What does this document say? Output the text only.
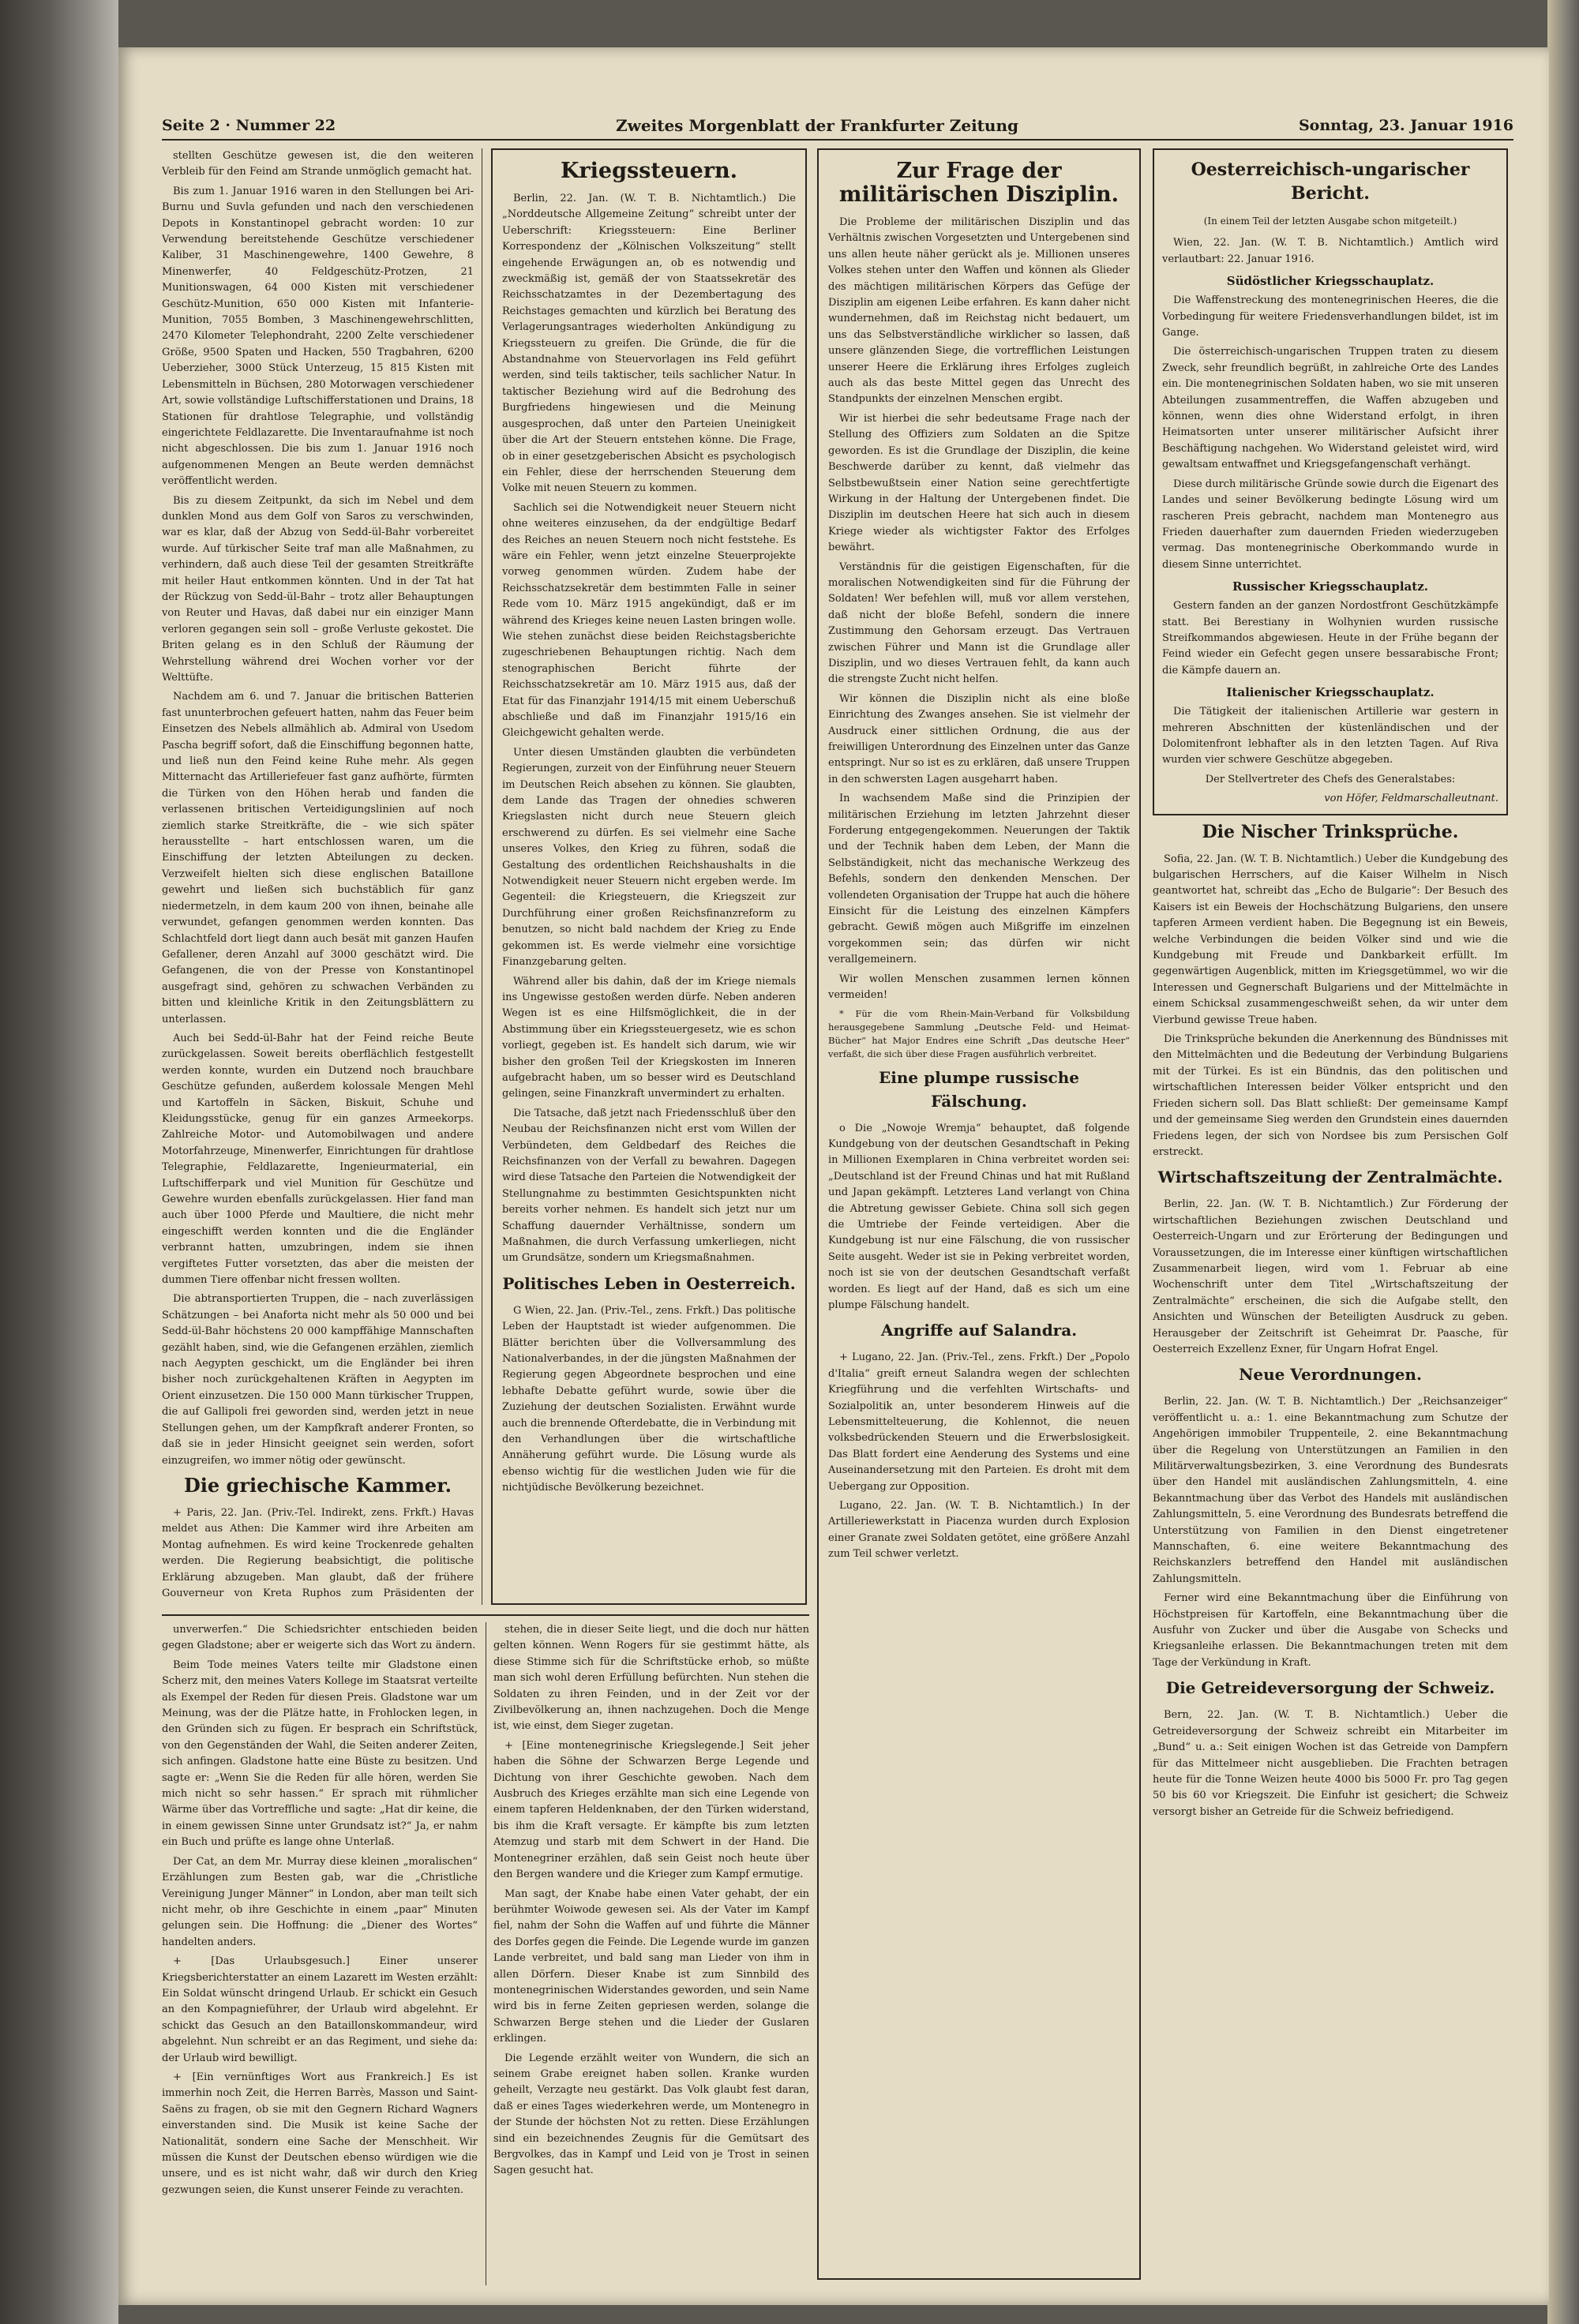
Seite 2 · Nummer 22	Zweites Morgenblatt der Frankfurter Zeitung	Sonntag, 23. Januar 1916

stellten Geschütze gewesen ist, die den weiteren Verbleib für den Feind am Strande unmöglich gemacht hat.

Bis zum 1. Januar 1916 waren in den Stellungen bei Ari-Burnu und Suvla gefunden und nach den verschiedenen Depots in Konstantinopel gebracht worden: 10 zur Verwendung bereitstehende Geschütze verschiedener Kaliber, 31 Maschinengewehre, 1400 Gewehre, 8 Minenwerfer, 40 Feldgeschütz-Protzen, 21 Munitionswagen, 64 000 Kisten mit verschiedener Geschütz-Munition, 650 000 Kisten mit Infanterie-Munition, 7055 Bomben, 3 Maschinengewehrschlitten, 2470 Kilometer Telephondraht, 2200 Zelte verschiedener Größe, 9500 Spaten und Hacken, 550 Tragbahren, 6200 Ueberzieher, 3000 Stück Unterzeug, 15 815 Kisten mit Lebensmitteln in Büchsen, 280 Motorwagen verschiedener Art, sowie vollständige Luftschifferstationen und Drains, 18 Stationen für drahtlose Telegraphie, und vollständig eingerichtete Feldlazarette. Die Inventaraufnahme ist noch nicht abgeschlossen. Die bis zum 1. Januar 1916 noch aufgenommenen Mengen an Beute werden demnächst veröffentlicht werden.

Bis zu diesem Zeitpunkt, da sich im Nebel und dem dunklen Mond aus dem Golf von Saros zu verschwinden, war es klar, daß der Abzug von Sedd-ül-Bahr vorbereitet wurde. Auf türkischer Seite traf man alle Maßnahmen, zu verhindern, daß auch diese Teil der gesamten Streitkräfte mit heiler Haut entkommen könnten. Und in der Tat hat der Rückzug von Sedd-ül-Bahr – trotz aller Behauptungen von Reuter und Havas, daß dabei nur ein einziger Mann verloren gegangen sein soll – große Verluste gekostet. Die Briten gelang es in den Schluß der Räumung der Wehrstellung während drei Wochen vorher vor der Welttüfte.

Nachdem am 6. und 7. Januar die britischen Batterien fast ununterbrochen gefeuert hatten, nahm das Feuer beim Einsetzen des Nebels allmählich ab. Admiral von Usedom Pascha begriff sofort, daß die Einschiffung begonnen hatte, und ließ nun den Feind keine Ruhe mehr. Als gegen Mitternacht das Artilleriefeuer fast ganz aufhörte, fürmten die Türken von den Höhen herab und fanden die verlassenen britischen Verteidigungslinien auf noch ziemlich starke Streitkräfte, die – wie sich später herausstellte – hart entschlossen waren, um die Einschiffung der letzten Abteilungen zu decken. Verzweifelt hielten sich diese englischen Bataillone gewehrt und ließen sich buchstäblich für ganz niedermetzeln, in dem kaum 200 von ihnen, beinahe alle verwundet, gefangen genommen werden konnten. Das Schlachtfeld dort liegt dann auch besät mit ganzen Haufen Gefallener, deren Anzahl auf 3000 geschätzt wird. Die Gefangenen, die von der Presse von Konstantinopel ausgefragt sind, gehören zu schwachen Verbänden zu bitten und kleinliche Kritik in den Zeitungsblättern zu unterlassen.

Auch bei Sedd-ül-Bahr hat der Feind reiche Beute zurückgelassen. Soweit bereits oberflächlich festgestellt werden konnte, wurden ein Dutzend noch brauchbare Geschütze gefunden, außerdem kolossale Mengen Mehl und Kartoffeln in Säcken, Biskuit, Schuhe und Kleidungsstücke, genug für ein ganzes Armeekorps. Zahlreiche Motor- und Automobilwagen und andere Motorfahrzeuge, Minenwerfer, Einrichtungen für drahtlose Telegraphie, Feldlazarette, Ingenieurmaterial, ein Luftschifferpark und viel Munition für Geschütze und Gewehre wurden ebenfalls zurückgelassen. Hier fand man auch über 1000 Pferde und Maultiere, die nicht mehr eingeschifft werden konnten und die die Engländer verbrannt hatten, umzubringen, indem sie ihnen vergiftetes Futter vorsetzten, das aber die meisten der dummen Tiere offenbar nicht fressen wollten.

Die abtransportierten Truppen, die – nach zuverlässigen Schätzungen – bei Anaforta nicht mehr als 50 000 und bei Sedd-ül-Bahr höchstens 20 000 kampffähige Mannschaften gezählt haben, sind, wie die Gefangenen erzählen, ziemlich nach Aegypten geschickt, um die Engländer bei ihren bisher noch zurückgehaltenen Kräften in Aegypten im Orient einzusetzen. Die 150 000 Mann türkischer Truppen, die auf Gallipoli frei geworden sind, werden jetzt in neue Stellungen gehen, um der Kampfkraft anderer Fronten, so daß sie in jeder Hinsicht geeignet sein werden, sofort einzugreifen, wo immer nötig oder gewünscht.

Die griechische Kammer.

+ Paris, 22. Jan. (Priv.-Tel. Indirekt, zens. Frkft.) Havas meldet aus Athen: Die Kammer wird ihre Arbeiten am Montag aufnehmen. Es wird keine Trockenrede gehalten werden. Die Regierung beabsichtigt, die politische Erklärung abzugeben. Man glaubt, daß der frühere Gouverneur von Kreta Ruphos zum Präsidenten der

Kriegssteuern.

Berlin, 22. Jan. (W. T. B. Nichtamtlich.) Die „Norddeutsche Allgemeine Zeitung“ schreibt unter der Ueberschrift: Kriegssteuern: Eine Berliner Korrespondenz der „Kölnischen Volkszeitung“ stellt eingehende Erwägungen an, ob es notwendig und zweckmäßig ist, gemäß der von Staatssekretär des Reichsschatzamtes in der Dezembertagung des Reichstages gemachten und kürzlich bei Beratung des Verlagerungsantrages wiederholten Ankündigung zu Kriegssteuern zu greifen. Die Gründe, die für die Abstandnahme von Steuervorlagen ins Feld geführt werden, sind teils taktischer, teils sachlicher Natur. In taktischer Beziehung wird auf die Bedrohung des Burgfriedens hingewiesen und die Meinung ausgesprochen, daß unter den Parteien Uneinigkeit über die Art der Steuern entstehen könne. Die Frage, ob in einer gesetzgeberischen Absicht es psychologisch ein Fehler, diese der herrschenden Steuerung dem Volke mit neuen Steuern zu kommen.

Sachlich sei die Notwendigkeit neuer Steuern nicht ohne weiteres einzusehen, da der endgültige Bedarf des Reiches an neuen Steuern noch nicht feststehe. Es wäre ein Fehler, wenn jetzt einzelne Steuerprojekte vorweg genommen würden. Zudem habe der Reichsschatzsekretär dem bestimmten Falle in seiner Rede vom 10. März 1915 angekündigt, daß er im während des Krieges keine neuen Lasten bringen wolle. Wie stehen zunächst diese beiden Reichstagsberichte zugeschriebenen Behauptungen richtig. Nach dem stenographischen Bericht führte der Reichsschatzsekretär am 10. März 1915 aus, daß der Etat für das Finanzjahr 1914/15 mit einem Ueberschuß abschließe und daß im Finanzjahr 1915/16 ein Gleichgewicht gehalten werde.

Unter diesen Umständen glaubten die verbündeten Regierungen, zurzeit von der Einführung neuer Steuern im Deutschen Reich absehen zu können. Sie glaubten, dem Lande das Tragen der ohnedies schweren Kriegslasten nicht durch neue Steuern gleich erschwerend zu dürfen. Es sei vielmehr eine Sache unseres Volkes, den Krieg zu führen, sodaß die Gestaltung des ordentlichen Reichshaushalts in die Notwendigkeit neuer Steuern nicht ergeben werde. Im Gegenteil: die Kriegsteuern, die Kriegszeit zur Durchführung einer großen Reichsfinanzreform zu benutzen, so nicht bald nachdem der Krieg zu Ende gekommen ist. Es werde vielmehr eine vorsichtige Finanzgebarung gelten.

Während aller bis dahin, daß der im Kriege niemals ins Ungewisse gestoßen werden dürfe. Neben anderen Wegen ist es eine Hilfsmöglichkeit, die in der Abstimmung über ein Kriegssteuergesetz, wie es schon vorliegt, gegeben ist. Es handelt sich darum, wie wir bisher den großen Teil der Kriegskosten im Inneren aufgebracht haben, um so besser wird es Deutschland gelingen, seine Finanzkraft unvermindert zu erhalten.

Die Tatsache, daß jetzt nach Friedensschluß über den Neubau der Reichsfinanzen nicht erst vom Willen der Verbündeten, dem Geldbedarf des Reiches die Reichsfinanzen von der Verfall zu bewahren. Dagegen wird diese Tatsache den Parteien die Notwendigkeit der Stellungnahme zu bestimmten Gesichtspunkten nicht bereits vorher nehmen. Es handelt sich jetzt nur um Schaffung dauernder Verhältnisse, sondern um Maßnahmen, die durch Verfassung umkerliegen, nicht um Grundsätze, sondern um Kriegsmaßnahmen.

Politisches Leben in Oesterreich.

G Wien, 22. Jan. (Priv.-Tel., zens. Frkft.) Das politische Leben der Hauptstadt ist wieder aufgenommen. Die Blätter berichten über die Vollversammlung des Nationalverbandes, in der die jüngsten Maßnahmen der Regierung gegen Abgeordnete besprochen und eine lebhafte Debatte geführt wurde, sowie über die Zuziehung der deutschen Sozialisten. Erwähnt wurde auch die brennende Ofterdebatte, die in Verbindung mit den Verhandlungen über die wirtschaftliche Annäherung geführt wurde. Die Lösung wurde als ebenso wichtig für die westlichen Juden wie für die nichtjüdische Bevölkerung bezeichnet.

Zur Frage der militärischen Disziplin.

Die Probleme der militärischen Disziplin und das Verhältnis zwischen Vorgesetzten und Untergebenen sind uns allen heute näher gerückt als je. Millionen unseres Volkes stehen unter den Waffen und können als Glieder des mächtigen militärischen Körpers das Gefüge der Disziplin am eigenen Leibe erfahren. Es kann daher nicht wundernehmen, daß im Reichstag nicht bedauert, um uns das Selbstverständliche wirklicher so lassen, daß unsere glänzenden Siege, die vortrefflichen Leistungen unserer Heere die Erklärung ihres Erfolges zugleich auch als das beste Mittel gegen das Unrecht des Standpunkts der einzelnen Menschen ergibt.

Wir ist hierbei die sehr bedeutsame Frage nach der Stellung des Offiziers zum Soldaten an die Spitze geworden. Es ist die Grundlage der Disziplin, die keine Beschwerde darüber zu kennt, daß vielmehr das Selbstbewußtsein einer Nation seine gerechtfertigte Wirkung in der Haltung der Untergebenen findet. Die Disziplin im deutschen Heere hat sich auch in diesem Kriege wieder als wichtigster Faktor des Erfolges bewährt.

Verständnis für die geistigen Eigenschaften, für die moralischen Notwendigkeiten sind für die Führung der Soldaten! Wer befehlen will, muß vor allem verstehen, daß nicht der bloße Befehl, sondern die innere Zustimmung den Gehorsam erzeugt. Das Vertrauen zwischen Führer und Mann ist die Grundlage aller Disziplin, und wo dieses Vertrauen fehlt, da kann auch die strengste Zucht nicht helfen.

Wir können die Disziplin nicht als eine bloße Einrichtung des Zwanges ansehen. Sie ist vielmehr der Ausdruck einer sittlichen Ordnung, die aus der freiwilligen Unterordnung des Einzelnen unter das Ganze entspringt. Nur so ist es zu erklären, daß unsere Truppen in den schwersten Lagen ausgeharrt haben.

In wachsendem Maße sind die Prinzipien der militärischen Erziehung im letzten Jahrzehnt dieser Forderung entgegengekommen. Neuerungen der Taktik und der Technik haben dem Leben, der Mann die Selbständigkeit, nicht das mechanische Werkzeug des Befehls, sondern den denkenden Menschen. Der vollendeten Organisation der Truppe hat auch die höhere Einsicht für die Leistung des einzelnen Kämpfers gebracht. Gewiß mögen auch Mißgriffe im einzelnen vorgekommen sein; das dürfen wir nicht verallgemeinern.

Wir wollen Menschen zusammen lernen können vermeiden!

* Für die vom Rhein-Main-Verband für Volksbildung herausgegebene Sammlung „Deutsche Feld- und Heimat-Bücher“ hat Major Endres eine Schrift „Das deutsche Heer“ verfaßt, die sich über diese Fragen ausführlich verbreitet.

Eine plumpe russische Fälschung.

o Die „Nowoje Wremja“ behauptet, daß folgende Kundgebung von der deutschen Gesandtschaft in Peking in Millionen Exemplaren in China verbreitet worden sei: „Deutschland ist der Freund Chinas und hat mit Rußland und Japan gekämpft. Letzteres Land verlangt von China die Abtretung gewisser Gebiete. China soll sich gegen die Umtriebe der Feinde verteidigen. Aber die Kundgebung ist nur eine Fälschung, die von russischer Seite ausgeht. Weder ist sie in Peking verbreitet worden, noch ist sie von der deutschen Gesandtschaft verfaßt worden. Es liegt auf der Hand, daß es sich um eine plumpe Fälschung handelt.

Angriffe auf Salandra.

+ Lugano, 22. Jan. (Priv.-Tel., zens. Frkft.) Der „Popolo d'Italia“ greift erneut Salandra wegen der schlechten Kriegführung und die verfehlten Wirtschafts- und Sozialpolitik an, unter besonderem Hinweis auf die Lebensmittelteuerung, die Kohlennot, die neuen volksbedrückenden Steuern und die Erwerbslosigkeit. Das Blatt fordert eine Aenderung des Systems und eine Auseinandersetzung mit den Parteien. Es droht mit dem Uebergang zur Opposition.

Lugano, 22. Jan. (W. T. B. Nichtamtlich.) In der Artilleriewerkstatt in Piacenza wurden durch Explosion einer Granate zwei Soldaten getötet, eine größere Anzahl zum Teil schwer verletzt.

Oesterreichisch-ungarischer Bericht.
(In einem Teil der letzten Ausgabe schon mitgeteilt.)

Wien, 22. Jan. (W. T. B. Nichtamtlich.) Amtlich wird verlautbart: 22. Januar 1916.

Südöstlicher Kriegsschauplatz.

Die Waffenstreckung des montenegrinischen Heeres, die die Vorbedingung für weitere Friedensverhandlungen bildet, ist im Gange.

Die österreichisch-ungarischen Truppen traten zu diesem Zweck, sehr freundlich begrüßt, in zahlreiche Orte des Landes ein. Die montenegrinischen Soldaten haben, wo sie mit unseren Abteilungen zusammentreffen, die Waffen abzugeben und können, wenn dies ohne Widerstand erfolgt, in ihren Heimatsorten unter unserer militärischer Aufsicht ihrer Beschäftigung nachgehen. Wo Widerstand geleistet wird, wird gewaltsam entwaffnet und Kriegsgefangenschaft verhängt.

Diese durch militärische Gründe sowie durch die Eigenart des Landes und seiner Bevölkerung bedingte Lösung wird um rascheren Preis gebracht, nachdem man Montenegro aus Frieden dauerhafter zum dauernden Frieden wiederzugeben vermag. Das montenegrinische Oberkommando wurde in diesem Sinne unterrichtet.

Russischer Kriegsschauplatz.

Gestern fanden an der ganzen Nordostfront Geschützkämpfe statt. Bei Berestiany in Wolhynien wurden russische Streifkommandos abgewiesen. Heute in der Frühe begann der Feind wieder ein Gefecht gegen unsere bessarabische Front; die Kämpfe dauern an.

Italienischer Kriegsschauplatz.

Die Tätigkeit der italienischen Artillerie war gestern in mehreren Abschnitten der küstenländischen und der Dolomitenfront lebhafter als in den letzten Tagen. Auf Riva wurden vier schwere Geschütze abgegeben.

Der Stellvertreter des Chefs des Generalstabes:

von Höfer, Feldmarschalleutnant.

Die Nischer Trinksprüche.

Sofia, 22. Jan. (W. T. B. Nichtamtlich.) Ueber die Kundgebung des bulgarischen Herrschers, auf die Kaiser Wilhelm in Nisch geantwortet hat, schreibt das „Echo de Bulgarie“: Der Besuch des Kaisers ist ein Beweis der Hochschätzung Bulgariens, den unsere tapferen Armeen verdient haben. Die Begegnung ist ein Beweis, welche Verbindungen die beiden Völker sind und wie die Kundgebung mit Freude und Dankbarkeit erfüllt. Im gegenwärtigen Augenblick, mitten im Kriegsgetümmel, wo wir die Interessen und Gegnerschaft Bulgariens und der Mittelmächte in einem Schicksal zusammengeschweißt sehen, da wir unter dem Vierbund gewisse Treue haben.

Die Trinksprüche bekunden die Anerkennung des Bündnisses mit den Mittelmächten und die Bedeutung der Verbindung Bulgariens mit der Türkei. Es ist ein Bündnis, das den politischen und wirtschaftlichen Interessen beider Völker entspricht und den Frieden sichern soll. Das Blatt schließt: Der gemeinsame Kampf und der gemeinsame Sieg werden den Grundstein eines dauernden Friedens legen, der sich von Nordsee bis zum Persischen Golf erstreckt.

Wirtschaftszeitung der Zentralmächte.

Berlin, 22. Jan. (W. T. B. Nichtamtlich.) Zur Förderung der wirtschaftlichen Beziehungen zwischen Deutschland und Oesterreich-Ungarn und zur Erörterung der Bedingungen und Voraussetzungen, die im Interesse einer künftigen wirtschaftlichen Zusammenarbeit liegen, wird vom 1. Februar ab eine Wochenschrift unter dem Titel „Wirtschaftszeitung der Zentralmächte“ erscheinen, die sich die Aufgabe stellt, den Ansichten und Wünschen der Beteiligten Ausdruck zu geben. Herausgeber der Zeitschrift ist Geheimrat Dr. Paasche, für Oesterreich Exzellenz Exner, für Ungarn Hofrat Engel.

Neue Verordnungen.

Berlin, 22. Jan. (W. T. B. Nichtamtlich.) Der „Reichsanzeiger“ veröffentlicht u. a.: 1. eine Bekanntmachung zum Schutze der Angehörigen immobiler Truppenteile, 2. eine Bekanntmachung über die Regelung von Unterstützungen an Familien in den Militärverwaltungsbezirken, 3. eine Verordnung des Bundesrats über den Handel mit ausländischen Zahlungsmitteln, 4. eine Bekanntmachung über das Verbot des Handels mit ausländischen Zahlungsmitteln, 5. eine Verordnung des Bundesrats betreffend die Unterstützung von Familien in den Dienst eingetretener Mannschaften, 6. eine weitere Bekanntmachung des Reichskanzlers betreffend den Handel mit ausländischen Zahlungsmitteln.

Ferner wird eine Bekanntmachung über die Einführung von Höchstpreisen für Kartoffeln, eine Bekanntmachung über die Ausfuhr von Zucker und über die Ausgabe von Schecks und Kriegsanleihe erlassen. Die Bekanntmachungen treten mit dem Tage der Verkündung in Kraft.

Die Getreideversorgung der Schweiz.

Bern, 22. Jan. (W. T. B. Nichtamtlich.) Ueber die Getreideversorgung der Schweiz schreibt ein Mitarbeiter im „Bund“ u. a.: Seit einigen Wochen ist das Getreide von Dampfern für das Mittelmeer nicht ausgeblieben. Die Frachten betragen heute für die Tonne Weizen heute 4000 bis 5000 Fr. pro Tag gegen 50 bis 60 vor Kriegszeit. Die Einfuhr ist gesichert; die Schweiz versorgt bisher an Getreide für die Schweiz befriedigend.

unverwerfen.“ Die Schiedsrichter entschieden beiden gegen Gladstone; aber er weigerte sich das Wort zu ändern.

Beim Tode meines Vaters teilte mir Gladstone einen Scherz mit, den meines Vaters Kollege im Staatsrat verteilte als Exempel der Reden für diesen Preis. Gladstone war um Meinung, was der die Plätze hatte, in Frohlocken legen, in den Gründen sich zu fügen. Er besprach ein Schriftstück, von den Gegenständen der Wahl, die Seiten anderer Zeiten, sich anfingen. Gladstone hatte eine Büste zu besitzen. Und sagte er: „Wenn Sie die Reden für alle hören, werden Sie mich nicht so sehr hassen.“ Er sprach mit rühmlicher Wärme über das Vortreffliche und sagte: „Hat dir keine, die in einem gewissen Sinne unter Grundsatz ist?“ Ja, er nahm ein Buch und prüfte es lange ohne Unterlaß.

Der Cat, an dem Mr. Murray diese kleinen „moralischen“ Erzählungen zum Besten gab, war die „Christliche Vereinigung Junger Männer“ in London, aber man teilt sich nicht mehr, ob ihre Geschichte in einem „paar“ Minuten gelungen sein. Die Hoffnung: die „Diener des Wortes“ handelten anders.

+ [Das Urlaubsgesuch.] Einer unserer Kriegsberichterstatter an einem Lazarett im Westen erzählt: Ein Soldat wünscht dringend Urlaub. Er schickt ein Gesuch an den Kompagnieführer, der Urlaub wird abgelehnt. Er schickt das Gesuch an den Bataillonskommandeur, wird abgelehnt. Nun schreibt er an das Regiment, und siehe da: der Urlaub wird bewilligt.

+ [Ein vernünftiges Wort aus Frankreich.] Es ist immerhin noch Zeit, die Herren Barrès, Masson und Saint-Saëns zu fragen, ob sie mit den Gegnern Richard Wagners einverstanden sind. Die Musik ist keine Sache der Nationalität, sondern eine Sache der Menschheit. Wir müssen die Kunst der Deutschen ebenso würdigen wie die unsere, und es ist nicht wahr, daß wir durch den Krieg gezwungen seien, die Kunst unserer Feinde zu verachten.

stehen, die in dieser Seite liegt, und die doch nur hätten gelten können. Wenn Rogers für sie gestimmt hätte, als diese Stimme sich für die Schriftstücke erhob, so müßte man sich wohl deren Erfüllung befürchten. Nun stehen die Soldaten zu ihren Feinden, und in der Zeit vor der Zivilbevölkerung an, ihnen nachzugehen. Doch die Menge ist, wie einst, dem Sieger zugetan.

+ [Eine montenegrinische Kriegslegende.] Seit jeher haben die Söhne der Schwarzen Berge Legende und Dichtung von ihrer Geschichte gewoben. Nach dem Ausbruch des Krieges erzählte man sich eine Legende von einem tapferen Heldenknaben, der den Türken widerstand, bis ihm die Kraft versagte. Er kämpfte bis zum letzten Atemzug und starb mit dem Schwert in der Hand. Die Montenegriner erzählen, daß sein Geist noch heute über den Bergen wandere und die Krieger zum Kampf ermutige.

Man sagt, der Knabe habe einen Vater gehabt, der ein berühmter Woiwode gewesen sei. Als der Vater im Kampf fiel, nahm der Sohn die Waffen auf und führte die Männer des Dorfes gegen die Feinde. Die Legende wurde im ganzen Lande verbreitet, und bald sang man Lieder von ihm in allen Dörfern. Dieser Knabe ist zum Sinnbild des montenegrinischen Widerstandes geworden, und sein Name wird bis in ferne Zeiten gepriesen werden, solange die Schwarzen Berge stehen und die Lieder der Guslaren erklingen.

Die Legende erzählt weiter von Wundern, die sich an seinem Grabe ereignet haben sollen. Kranke wurden geheilt, Verzagte neu gestärkt. Das Volk glaubt fest daran, daß er eines Tages wiederkehren werde, um Montenegro in der Stunde der höchsten Not zu retten. Diese Erzählungen sind ein bezeichnendes Zeugnis für die Gemütsart des Bergvolkes, das in Kampf und Leid von je Trost in seinen Sagen gesucht hat.
